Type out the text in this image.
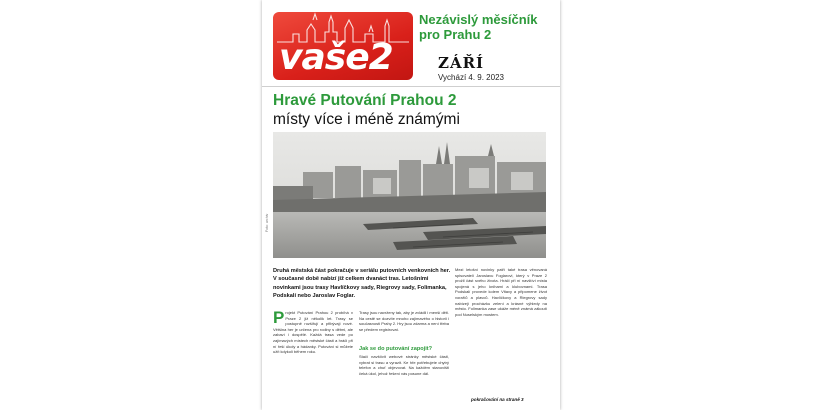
vaše2
Nezávislý měsíčník pro Prahu 2
ZÁŘÍ
Vychází 4. 9. 2023
Hravé Putování Prahou 2
místy více i méně známými
Foto: archiv
Druhá městská část pokračuje v seriálu putovních venkovních her. V současné době nabízí již celkem dvanáct tras. Letošními novinkami jsou trasy Havlíčkovy sady, Riegrovy sady, Folimanka, Podskalí nebo Jaroslav Foglar.
Projekt Putování Prahou 2 probíhá v Praze 2 již několik let. Trasy se postupně rozšiřují a přibývají nové. Většina her je určena pro rodiny s dětmi, ale zabaví i dospělé. Každá trasa vede po zajímavých místech městské části a hráči při ní řeší úkoly a hádanky. Putování si můžete užít kdykoli během roku.
Trasy jsou navrženy tak, aby je zvládli i menší děti. Na cestě se dozvíte mnoho zajímavého o historii i současnosti Prahy 2. Hry jsou zdarma a není třeba se předem registrovat.
Jak se do putování zapojit?
Stačí navštívit webové stránky městské části, vybrat si trasu a vyrazit. Ke hře potřebujete chytrý telefon a chuť objevovat. Na každém stanovišti čeká úkol, jehož řešení vás posune dál.
Mezi letošní novinky patří také trasa věnovaná spisovateli Jaroslavu Foglarovi, který v Praze 2 prožil část svého života. Hráči při ní navštíví místa spojená s jeho knihami a klubovnami. Trasa Podskalí provede kolem Vltavy a připomene život voraříů a plavců. Havlíčkovy a Riegrovy sady nabízejí procházku zelení a krásné výhledy na město. Folimanka zase ukáže méně známá zákoutí pod Nuselským mostem.
pokračování na straně 3
